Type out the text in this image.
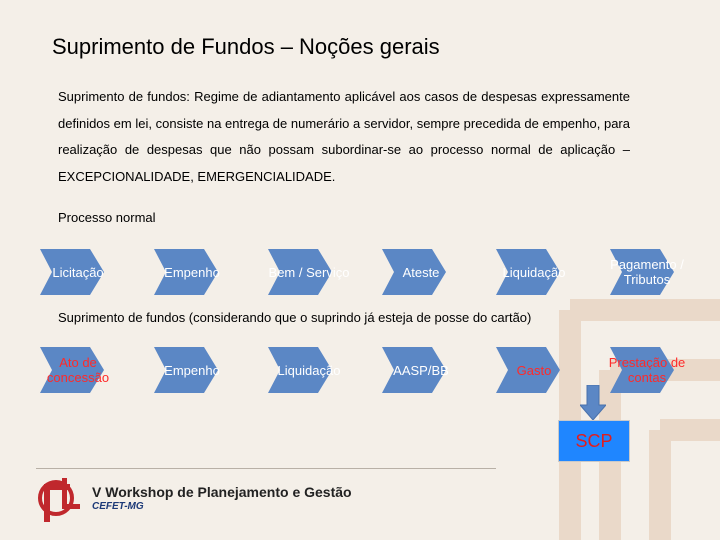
Suprimento de Fundos – Noções gerais
Suprimento de fundos: Regime de adiantamento aplicável aos casos de despesas expressamente definidos em lei, consiste na entrega de numerário a servidor, sempre precedida de empenho, para realização de despesas que não possam subordinar-se ao processo normal de aplicação – EXCEPCIONALIDADE, EMERGENCIALIDADE.
Processo normal
Licitação	Empenho	Bem / Serviço	Ateste	Liquidação	Pagamento / Tributos
Suprimento de fundos (considerando que o suprindo já esteja de posse do cartão)
Ato de concessão	Empenho	Liquidação	AASP/BB	Gasto	Prestação de contas
SCP
V Workshop de Planejamento e Gestão
CEFET-MG
